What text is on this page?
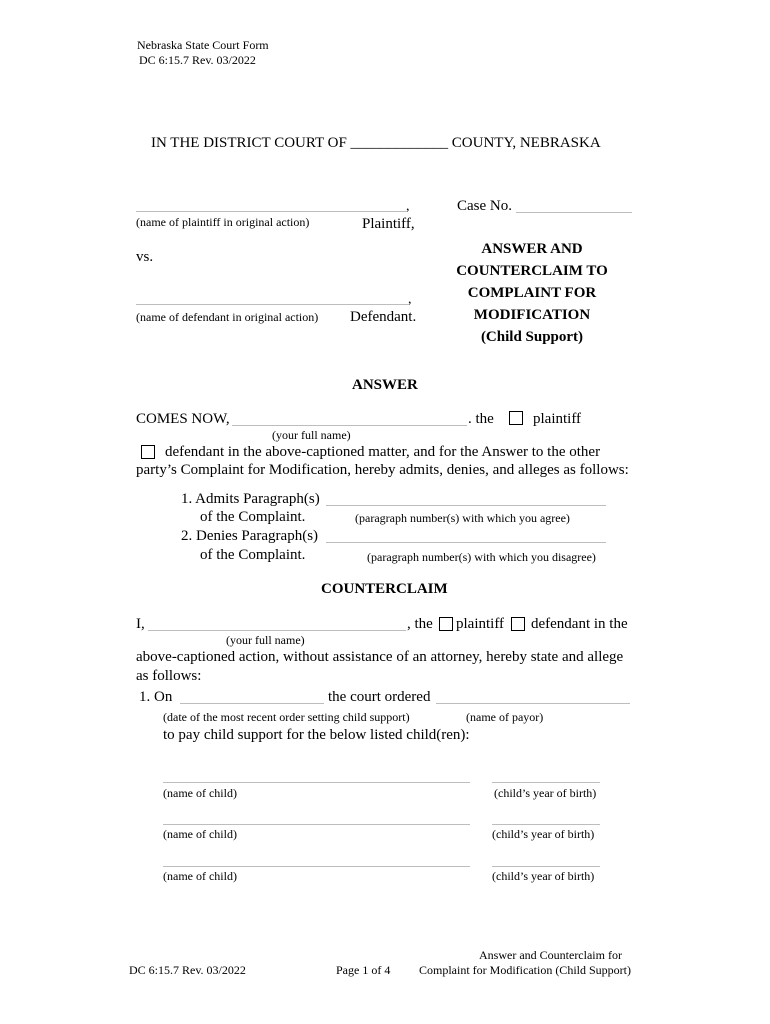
Nebraska State Court Form
DC 6:15.7 Rev. 03/2022
IN THE DISTRICT COURT OF _____________ COUNTY, NEBRASKA
,
(name of plaintiff in original action)	Plaintiff,
vs.
,
(name of defendant in original action) Defendant.
Case No.
ANSWER AND
COUNTERCLAIM TO
COMPLAINT FOR
MODIFICATION
(Child Support)
ANSWER
COMES NOW,	. the	plaintiff
(your full name)
defendant in the above-captioned matter, and for the Answer to the other
party’s Complaint for Modification, hereby admits, denies, and alleges as follows:
1. Admits Paragraph(s)
of the Complaint.	(paragraph number(s) with which you agree)
2. Denies Paragraph(s)
of the Complaint.	(paragraph number(s) with which you disagree)
COUNTERCLAIM
I,	, the plaintiff defendant in the
(your full name)
above-captioned action, without assistance of an attorney, hereby state and allege
as follows:
1. On	the court ordered
(date of the most recent order setting child support)	(name of payor)
to pay child support for the below listed child(ren):
(name of child)	(child’s year of birth)
(name of child)	(child’s year of birth)
(name of child)	(child’s year of birth)
DC 6:15.7 Rev. 03/2022	Page 1 of 4
Answer and Counterclaim for
Complaint for Modification (Child Support)
